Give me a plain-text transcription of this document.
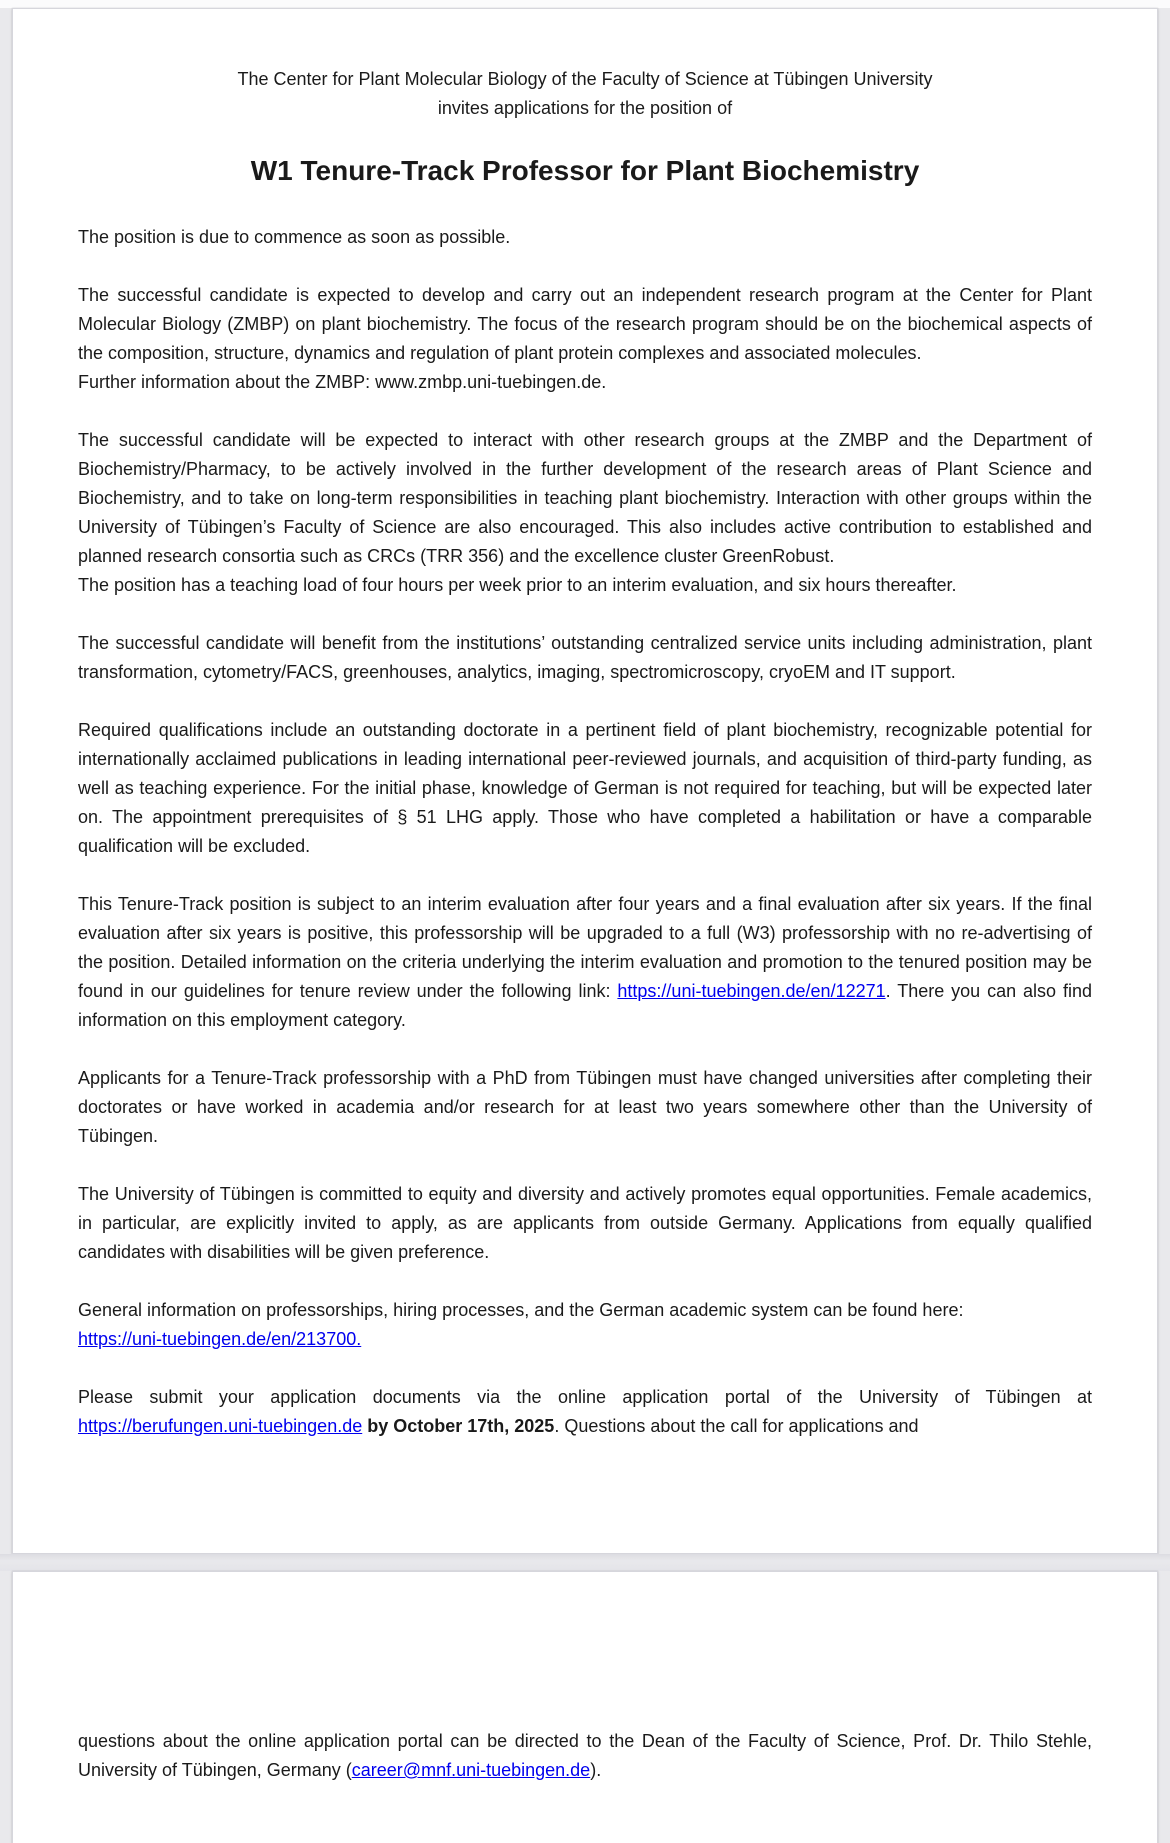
The Center for Plant Molecular Biology of the Faculty of Science at Tübingen University
invites applications for the position of
W1 Tenure-Track Professor for Plant Biochemistry

The position is due to commence as soon as possible.

The successful candidate is expected to develop and carry out an independent research program at the Center for Plant Molecular Biology (ZMBP) on plant biochemistry. The focus of the research program should be on the biochemical aspects of the composition, structure, dynamics and regulation of plant protein complexes and associated molecules.

Further information about the ZMBP: www.zmbp.uni-tuebingen.de.

The successful candidate will be expected to interact with other research groups at the ZMBP and the Department of Biochemistry/Pharmacy, to be actively involved in the further development of the research areas of Plant Science and Biochemistry, and to take on long-term responsibilities in teaching plant biochemistry. Interaction with other groups within the University of Tübingen’s Faculty of Science are also encouraged. This also includes active contribution to established and planned research consortia such as CRCs (TRR 356) and the excellence cluster GreenRobust.

The position has a teaching load of four hours per week prior to an interim evaluation, and six hours thereafter.

The successful candidate will benefit from the institutions’ outstanding centralized service units including administration, plant transformation, cytometry/FACS, greenhouses, analytics, imaging, spectromicroscopy, cryoEM and IT support.

Required qualifications include an outstanding doctorate in a pertinent field of plant biochemistry, recognizable potential for internationally acclaimed publications in leading international peer-reviewed journals, and acquisition of third-party funding, as well as teaching experience. For the initial phase, knowledge of German is not required for teaching, but will be expected later on. The appointment prerequisites of § 51 LHG apply. Those who have completed a habilitation or have a comparable qualification will be excluded.

This Tenure-Track position is subject to an interim evaluation after four years and a final evaluation after six years. If the final evaluation after six years is positive, this professorship will be upgraded to a full (W3) professorship with no re-advertising of the position. Detailed information on the criteria underlying the interim evaluation and promotion to the tenured position may be found in our guidelines for tenure review under the following link: https://uni-tuebingen.de/en/12271. There you can also find information on this employment category.

Applicants for a Tenure-Track professorship with a PhD from Tübingen must have changed universities after completing their doctorates or have worked in academia and/or research for at least two years somewhere other than the University of Tübingen.

The University of Tübingen is committed to equity and diversity and actively promotes equal opportunities. Female academics, in particular, are explicitly invited to apply, as are applicants from outside Germany. Applications from equally qualified candidates with disabilities will be given preference.

General information on professorships, hiring processes, and the German academic system can be found here:

https://uni-tuebingen.de/en/213700.

Please submit your application documents via the online application portal of the University of Tübingen at https://berufungen.uni-tuebingen.de by October 17th, 2025. Questions about the call for applications and

questions about the online application portal can be directed to the Dean of the Faculty of Science, Prof. Dr. Thilo Stehle, University of Tübingen, Germany (career@mnf.uni-tuebingen.de).
